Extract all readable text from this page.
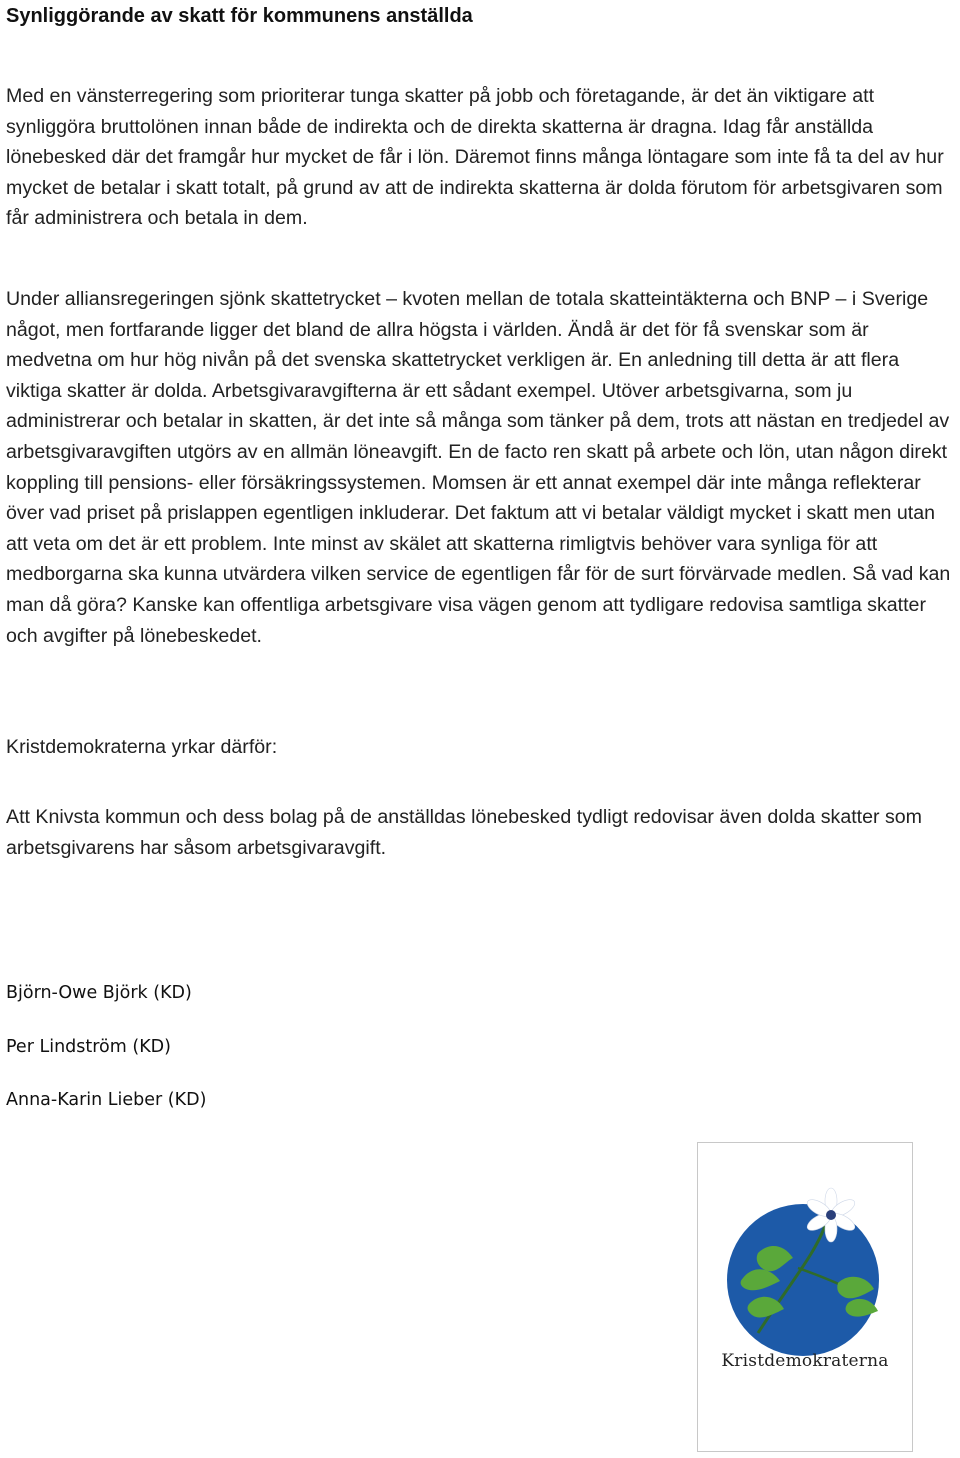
Synliggörande av skatt för kommunens anställda

Med en vänsterregering som prioriterar tunga skatter på jobb och företagande, är det än viktigare att synliggöra bruttolönen innan både de indirekta och de direkta skatterna är dragna. Idag får anställda lönebesked där det framgår hur mycket de får i lön. Däremot finns många löntagare som inte få ta del av hur mycket de betalar i skatt totalt, på grund av att de indirekta skatterna är dolda förutom för arbetsgivaren som får administrera och betala in dem.

Under alliansregeringen sjönk skattetrycket – kvoten mellan de totala skatteintäkterna och BNP – i Sverige något, men fortfarande ligger det bland de allra högsta i världen. Ändå är det för få svenskar som är medvetna om hur hög nivån på det svenska skattetrycket verkligen är. En anledning till detta är att flera viktiga skatter är dolda. Arbetsgivaravgifterna är ett sådant exempel. Utöver arbetsgivarna, som ju administrerar och betalar in skatten, är det inte så många som tänker på dem, trots att nästan en tredjedel av arbetsgivaravgiften utgörs av en allmän löneavgift. En de facto ren skatt på arbete och lön, utan någon direkt koppling till pensions- eller försäkringssystemen. Momsen är ett annat exempel där inte många reflekterar över vad priset på prislappen egentligen inkluderar. Det faktum att vi betalar väldigt mycket i skatt men utan att veta om det är ett problem. Inte minst av skälet att skatterna rimligtvis behöver vara synliga för att medborgarna ska kunna utvärdera vilken service de egentligen får för de surt förvärvade medlen. Så vad kan man då göra? Kanske kan offentliga arbetsgivare visa vägen genom att tydligare redovisa samtliga skatter och avgifter på lönebeskedet.

Kristdemokraterna yrkar därför:

Att Knivsta kommun och dess bolag på de anställdas lönebesked tydligt redovisar även dolda skatter som arbetsgivarens har såsom arbetsgivaravgift.

Björn-Owe Björk (KD)
Per Lindström (KD)
Anna-Karin Lieber (KD)
Kristdemokraterna
